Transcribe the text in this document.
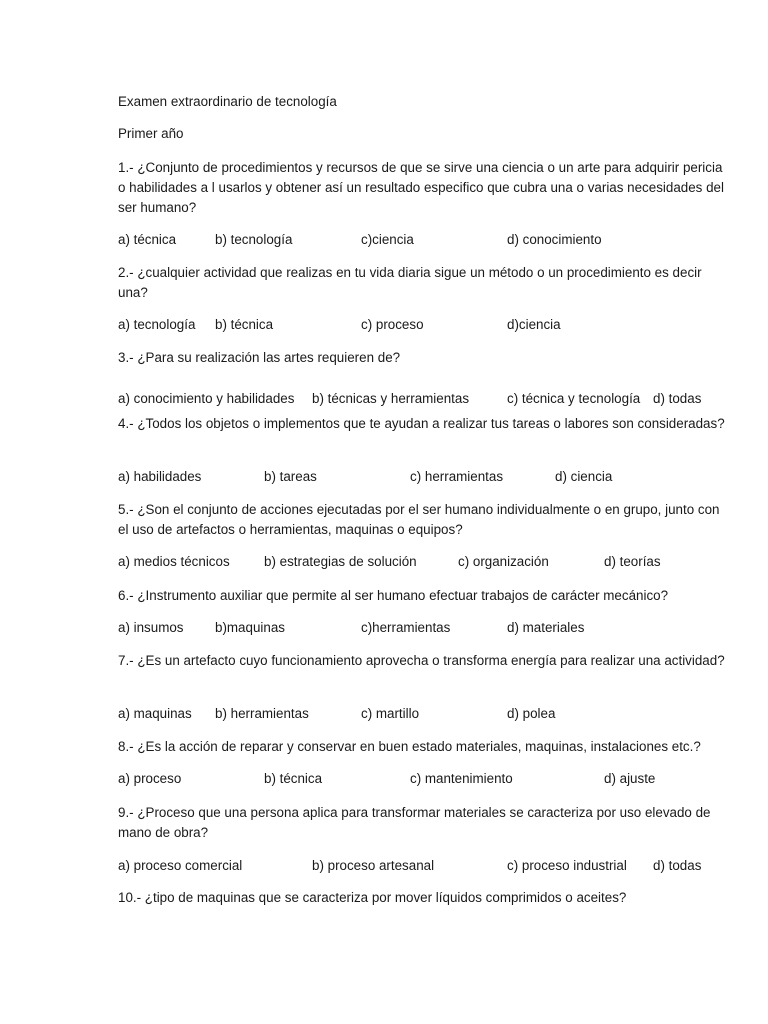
Examen extraordinario de tecnología
Primer año
1.- ¿Conjunto de procedimientos y recursos de que se sirve una ciencia o un arte para adquirir pericia o habilidades a l usarlos y obtener así un resultado especifico que cubra una o varias necesidades del ser humano?
a) técnica	b) tecnología	c)ciencia	d) conocimiento
2.- ¿cualquier actividad que realizas en tu vida diaria sigue un método o un procedimiento es decir una?
a) tecnología b) técnica	c) proceso	d)ciencia
3.- ¿Para su realización las artes requieren de?
a) conocimiento y habilidades b) técnicas y herramientas	c) técnica y tecnología d) todas
4.- ¿Todos los objetos o implementos que te ayudan a realizar tus tareas o labores son consideradas?
a) habilidades	b) tareas	c) herramientas	d) ciencia
5.- ¿Son el conjunto de acciones ejecutadas por el ser humano individualmente o en grupo, junto con el uso de artefactos o herramientas, maquinas o equipos?
a) medios técnicos	b) estrategias de solución	c) organización	d) teorías
6.- ¿Instrumento auxiliar que permite al ser humano efectuar trabajos de carácter mecánico?
a) insumos b)maquinas	c)herramientas	d) materiales
7.- ¿Es un artefacto cuyo funcionamiento aprovecha o transforma energía para realizar una actividad?
a) maquinas b) herramientas	c) martillo	d) polea
8.- ¿Es la acción de reparar y conservar en buen estado materiales, maquinas, instalaciones etc.?
a) proceso	b) técnica	c) mantenimiento	d) ajuste
9.- ¿Proceso que una persona aplica para transformar materiales se caracteriza por uso elevado de mano de obra?
a) proceso comercial	b) proceso artesanal	c) proceso industrial d) todas
10.- ¿tipo de maquinas que se caracteriza por mover líquidos comprimidos o aceites?
